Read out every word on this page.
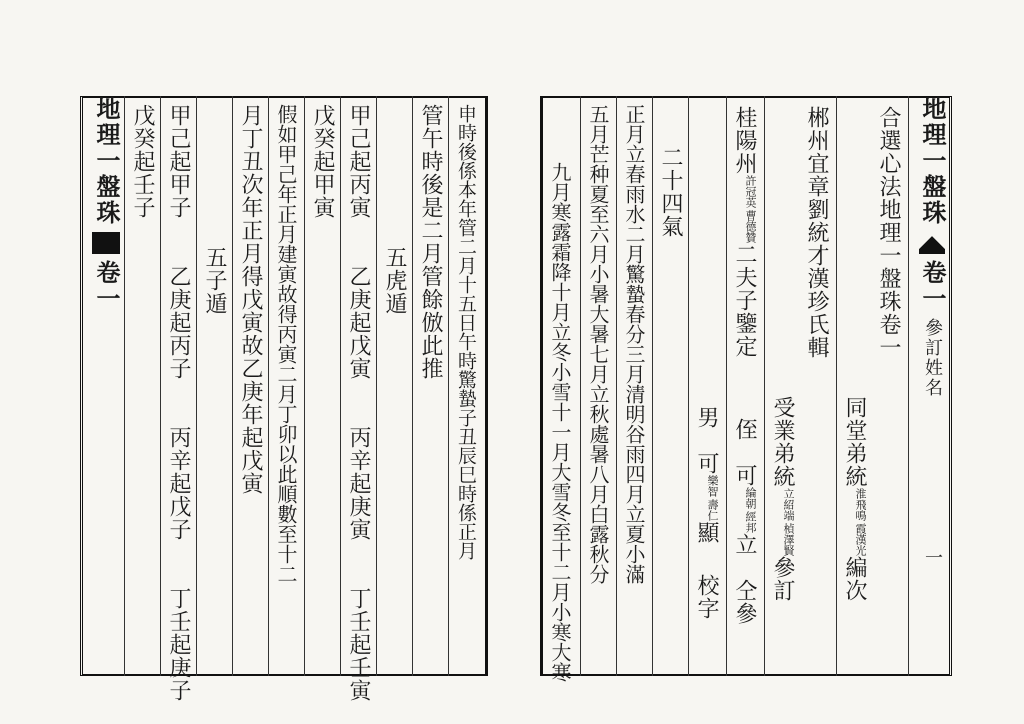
地理一盤珠卷一
戊癸起壬子 甲己起甲子　　乙庚起丙子　　丙辛起戊子　　丁壬起庚子 五子遁 月丁丑次年正月得戊寅故乙庚年起戊寅 假如甲己年正月建寅故得丙寅二月丁卯以此順數至十二 戊癸起甲寅 甲己起丙寅　　乙庚起戊寅　　丙辛起庚寅　　丁壬起壬寅 五虎遁 管午時後是二月管餘倣此推 申時後係本年管二月十五日午時驚蟄子丑辰巳時係正月	九月寒露霜降十月立冬小雪十一月大雪冬至十二月小寒大寒 五月芒种夏至六月小暑大暑七月立秋處暑八月白露秋分 正月立春雨水二月驚蟄春分三月清明谷雨四月立夏小滿 二十四氣
男　可
壽仁
樂智
顯校字
桂陽州
曹德贊
許冠英
二夫子鑒定侄　可
經邦
綸朝
立　仝參
受業弟統
楨澤賢
立紹端
參訂
郴州宜章劉統才漢珍氏輯
同堂弟統
霞漢光
淮飛鳴
編次
合選心法地理一盤珠卷一 地理一盤珠卷一參訂姓名一
